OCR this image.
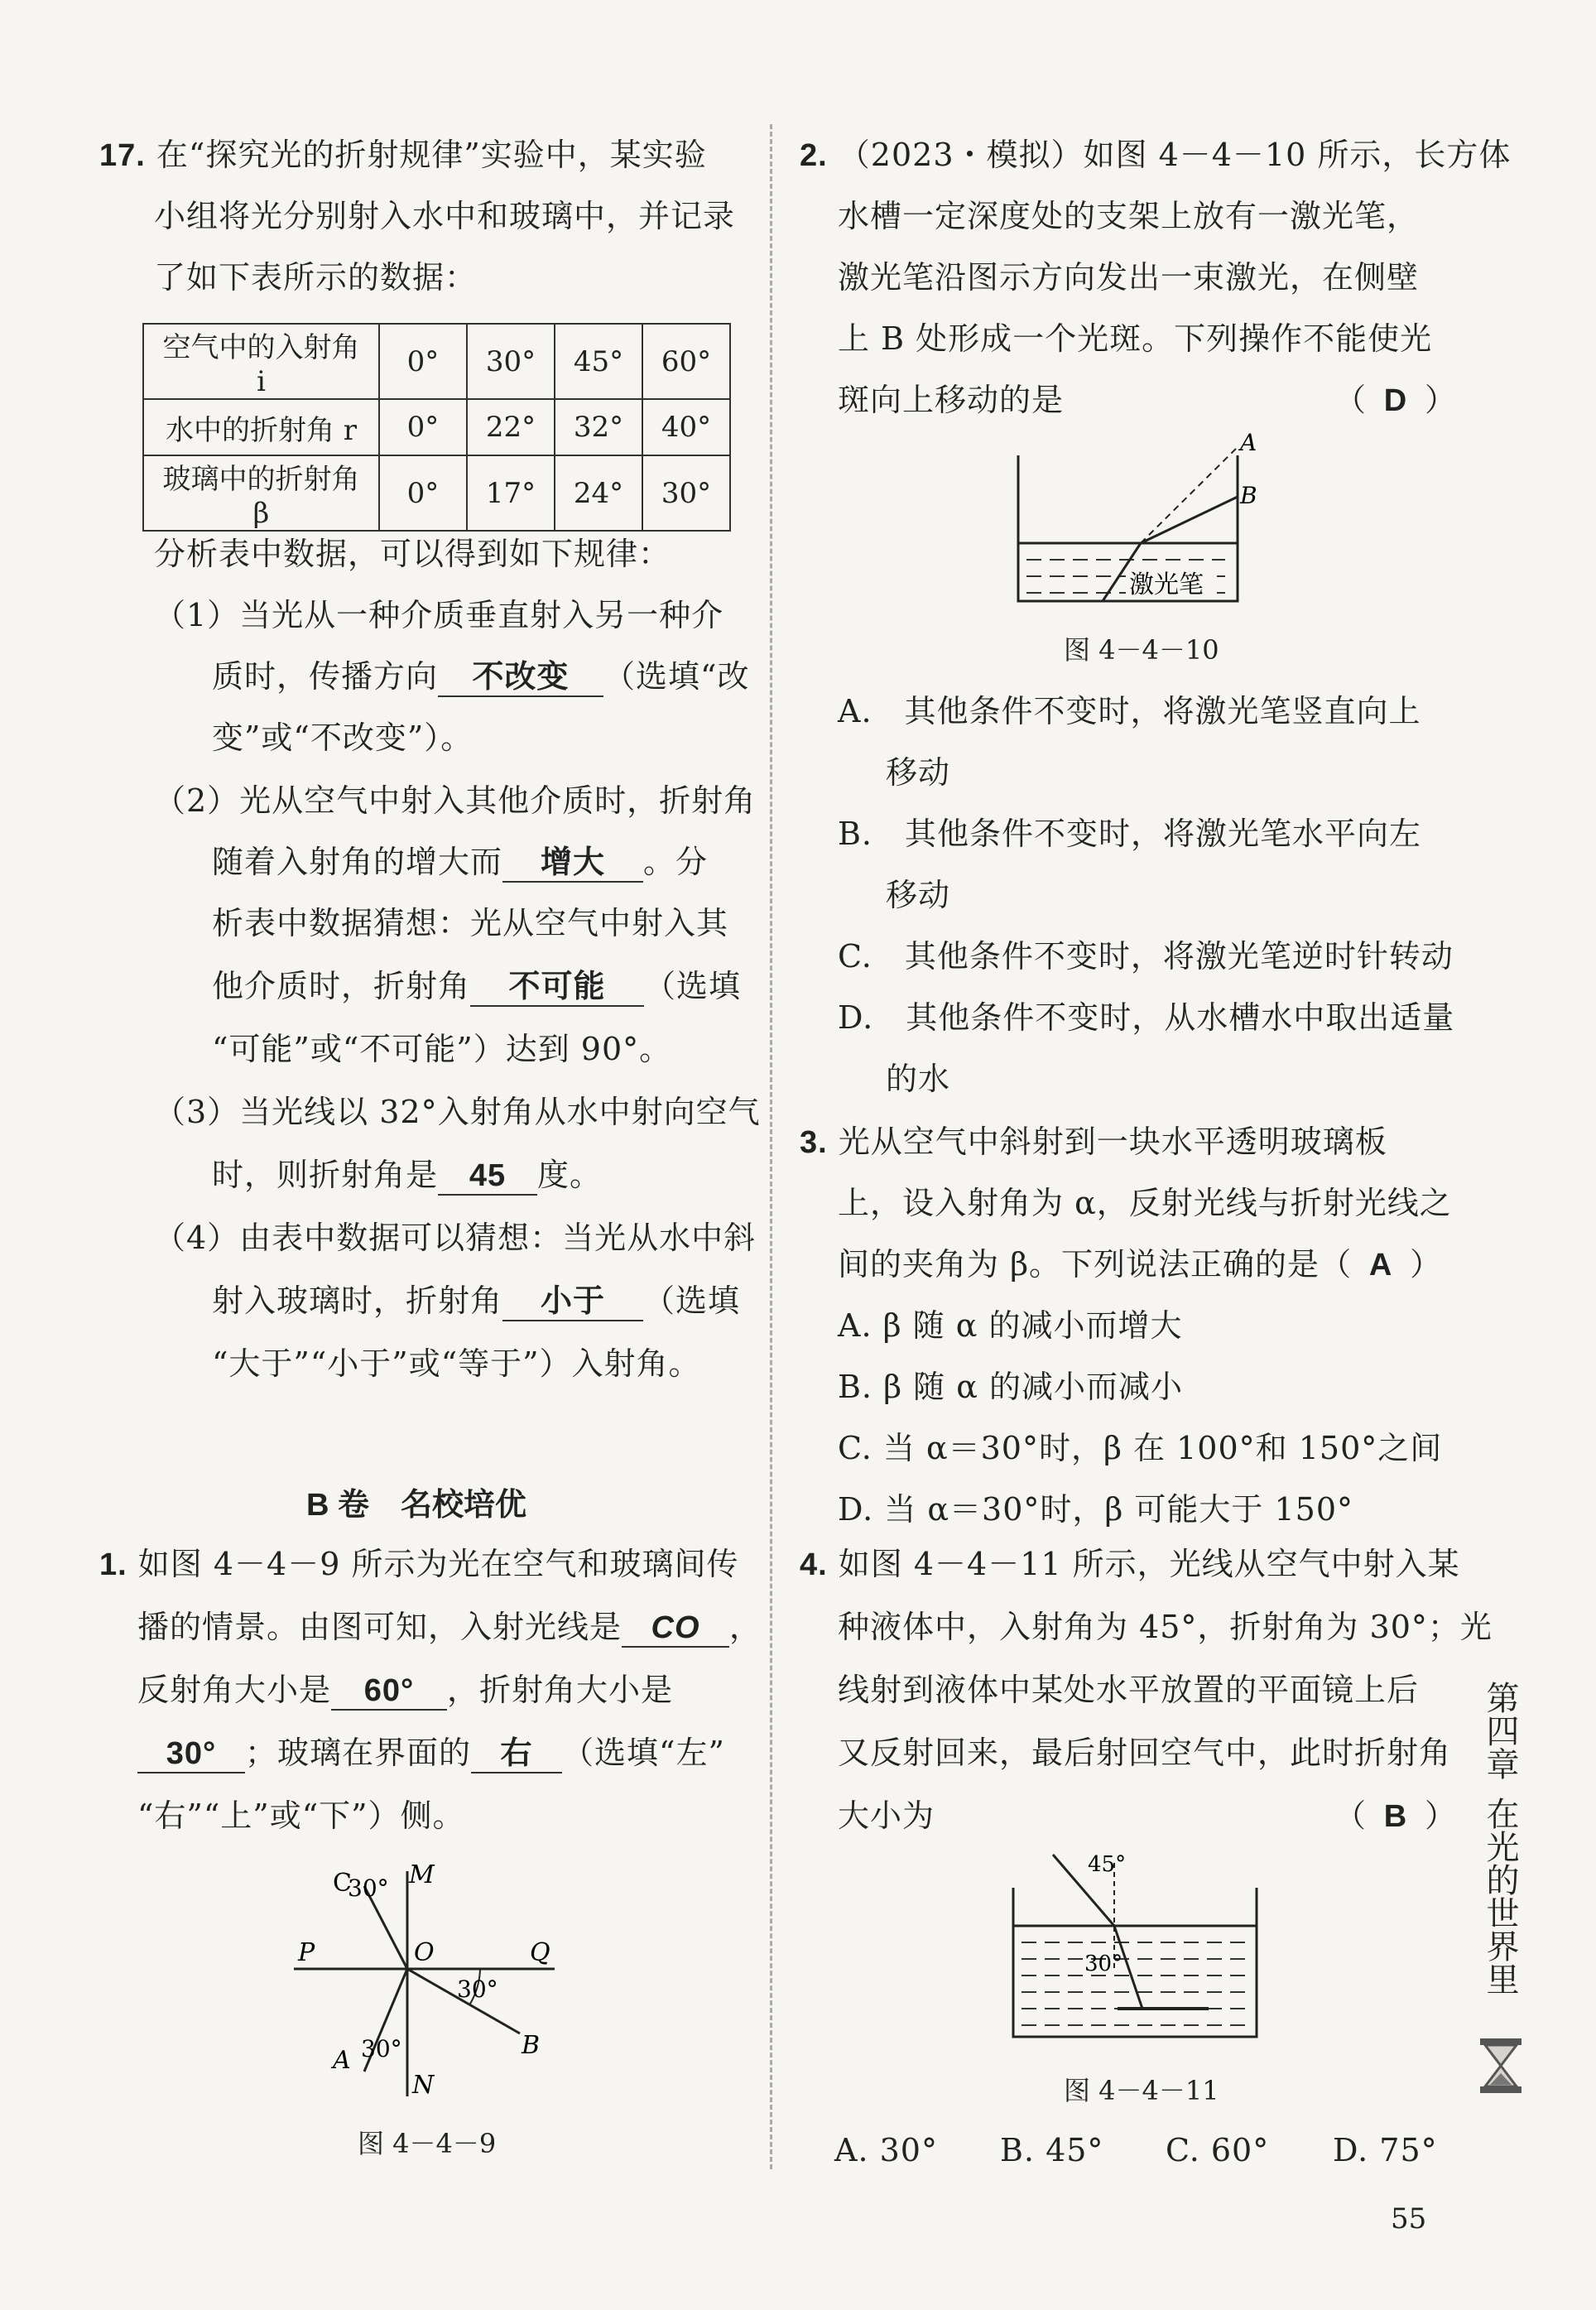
17. 在“探究光的折射规律”实验中，某实验
小组将光分别射入水中和玻璃中，并记录
了如下表所示的数据：
空气中的入射角 i	0°	30°	45°	60°
水中的折射角 r	0°	22°	32°	40°
玻璃中的折射角 β	0°	17°	24°	30°
分析表中数据，可以得到如下规律：
（1）当光从一种介质垂直射入另一种介
质时，传播方向 不改变 （选填“改
变”或“不改变”）。
（2）光从空气中射入其他介质时，折射角
随着入射角的增大而 增大 。分
析表中数据猜想：光从空气中射入其
他介质时，折射角 不可能 （选填
“可能”或“不可能”）达到 90°。
（3）当光线以 32°入射角从水中射向空气
时，则折射角是 45 度。
（4）由表中数据可以猜想：当光从水中斜
射入玻璃时，折射角 小于 （选填
“大于”“小于”或“等于”）入射角。
B 卷　名校培优
1. 如图 4－4－9 所示为光在空气和玻璃间传
播的情景。由图可知，入射光线是 CO ，
反射角大小是 60° ，折射角大小是
30° ；玻璃在界面的 右 （选填“左”
“右”“上”或“下”）侧。
C
30° M
P	O	Q
30°
B
A 30°
N
图 4－4－9
2. （2023・模拟）如图 4－4－10 所示，长方体
水槽一定深度处的支架上放有一激光笔，
激光笔沿图示方向发出一束激光，在侧壁
上 B 处形成一个光斑。下列操作不能使光
斑向上移动的是	（ D ）
激光笔
A
B
图 4－4－10
A.　 其他条件不变时，将激光笔竖直向上
移动
B.　 其他条件不变时，将激光笔水平向左
移动
C.　 其他条件不变时，将激光笔逆时针转动
D.　 其他条件不变时，从水槽水中取出适量
的水
3. 光从空气中斜射到一块水平透明玻璃板
上，设入射角为 α，反射光线与折射光线之
间的夹角为 β。下列说法正确的是（ A ）
A. β 随 α 的减小而增大
B. β 随 α 的减小而减小
C. 当 α＝30°时，β 在 100°和 150°之间
D. 当 α＝30°时，β 可能大于 150°
4. 如图 4－4－11 所示，光线从空气中射入某
种液体中，入射角为 45°，折射角为 30°；光
线射到液体中某处水平放置的平面镜上后
又反射回来，最后射回空气中，此时折射角
大小为	（ B ）
45°
30°
图 4－4－11
A. 30° B. 45° C. 60° D. 75°
第四章
在光的世界里
55
